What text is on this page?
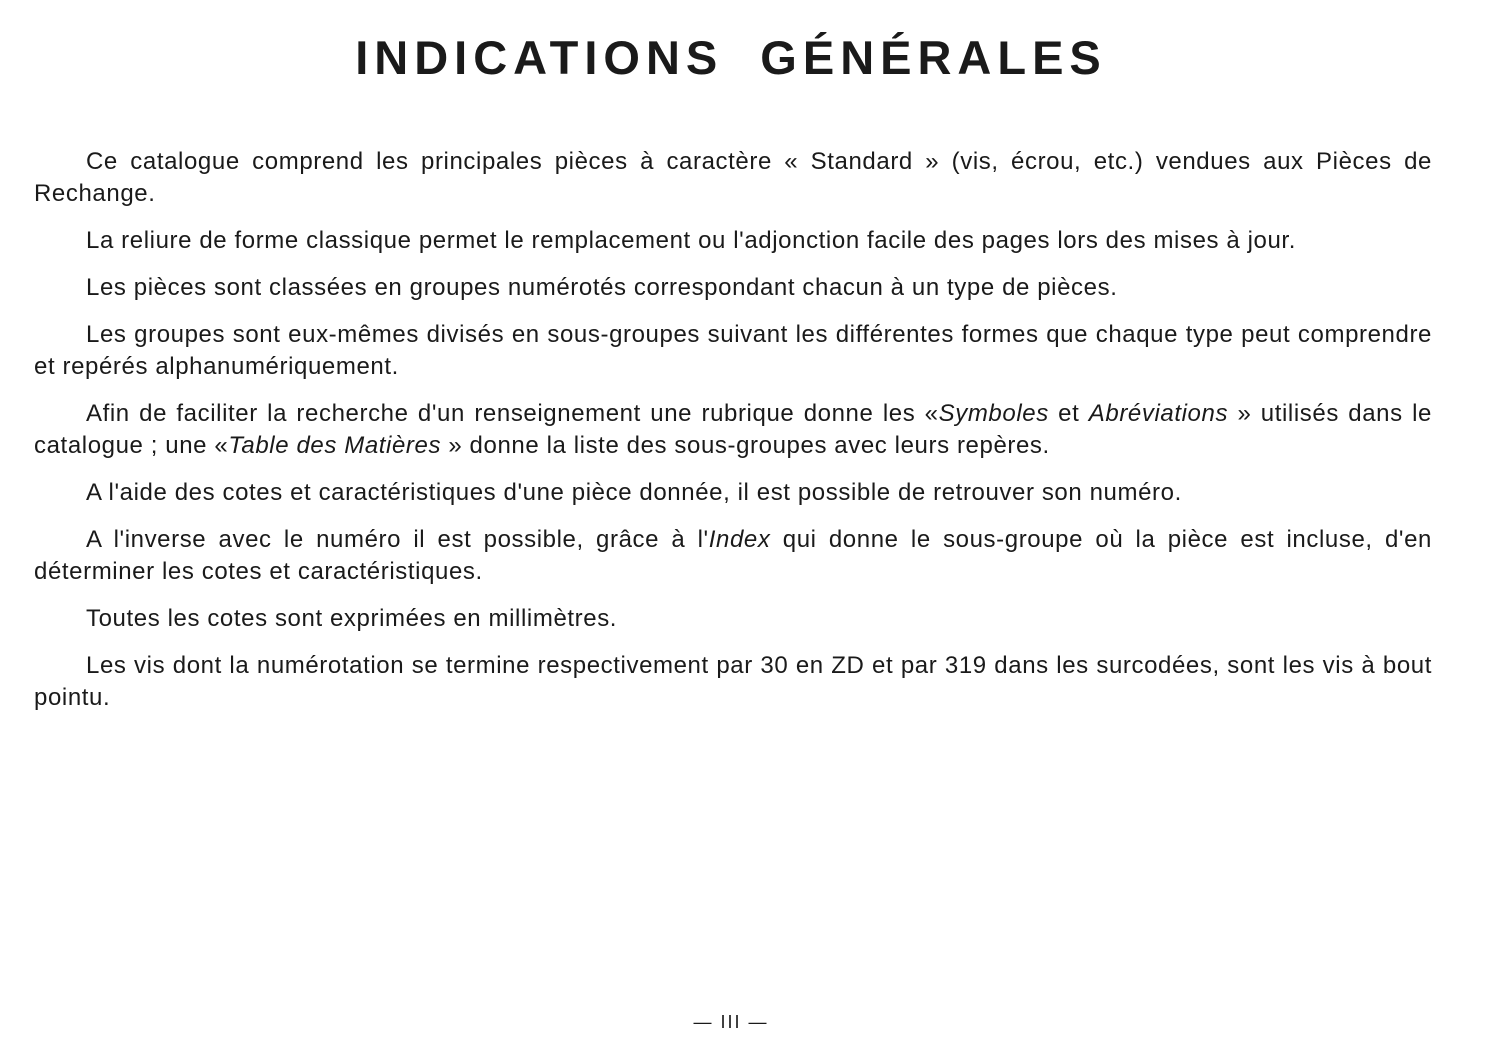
INDICATIONS GÉNÉRALES

Ce catalogue comprend les principales pièces à caractère « Standard » (vis, écrou, etc.) vendues aux Pièces de Rechange.

La reliure de forme classique permet le remplacement ou l'adjonction facile des pages lors des mises à jour.

Les pièces sont classées en groupes numérotés correspondant chacun à un type de pièces.

Les groupes sont eux-mêmes divisés en sous-groupes suivant les différentes formes que chaque type peut comprendre et repérés alphanumériquement.

Afin de faciliter la recherche d'un renseignement une rubrique donne les «Symboles et Abréviations » utilisés dans le catalogue ; une «Table des Matières » donne la liste des sous-groupes avec leurs repères.

A l'aide des cotes et caractéristiques d'une pièce donnée, il est possible de retrouver son numéro.

A l'inverse avec le numéro il est possible, grâce à l'Index qui donne le sous-groupe où la pièce est incluse, d'en déterminer les cotes et caractéristiques.

Toutes les cotes sont exprimées en millimètres.

Les vis dont la numérotation se termine respectivement par 30 en ZD et par 319 dans les surcodées, sont les vis à bout pointu.

— III —
